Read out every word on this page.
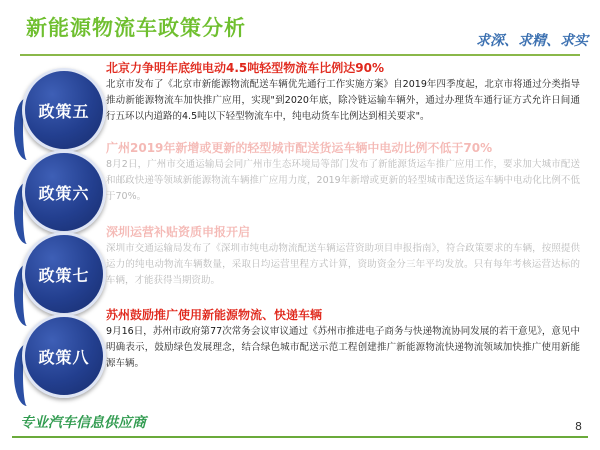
新能源物流车政策分析
求深、求精、求实
政策五
政策六
政策七
政策八
北京力争明年底纯电动4.5吨轻型物流车比例达90%
北京市发布了《北京市新能源物流配送车辆优先通行工作实施方案》自2019年四季度起，北京市将通过分类指导推动新能源物流车加快推广应用，实现"到2020年底，除冷链运输车辆外，通过办理货车通行证方式允许日间通行五环以内道路的4.5吨以下轻型物流车中，纯电动货车比例达到相关要求"。
广州2019年新增或更新的轻型城市配送货运车辆中电动比例不低于70%
8月2日，广州市交通运输局会同广州市生态环境局等部门发布了新能源货运车推广应用工作，要求加大城市配送和邮政快递等领域新能源物流车辆推广应用力度，2019年新增或更新的轻型城市配送货运车辆中电动化比例不低于70%。
深圳运营补贴资质申报开启
深圳市交通运输局发布了《深圳市纯电动物流配送车辆运营资助项目申报指南》，符合政策要求的车辆，按照提供运力的纯电动物流车辆数量，采取日均运营里程方式计算，资助资金分三年平均发放。只有每年考核运营达标的车辆，才能获得当期资助。
苏州鼓励推广使用新能源物流、快递车辆
9月16日，苏州市政府第77次常务会议审议通过《苏州市推进电子商务与快递物流协同发展的若干意见》，意见中明确表示，鼓励绿色发展理念，结合绿色城市配送示范工程创建推广新能源物流快递物流领域加快推广使用新能源车辆。
专业汽车信息供应商	8
